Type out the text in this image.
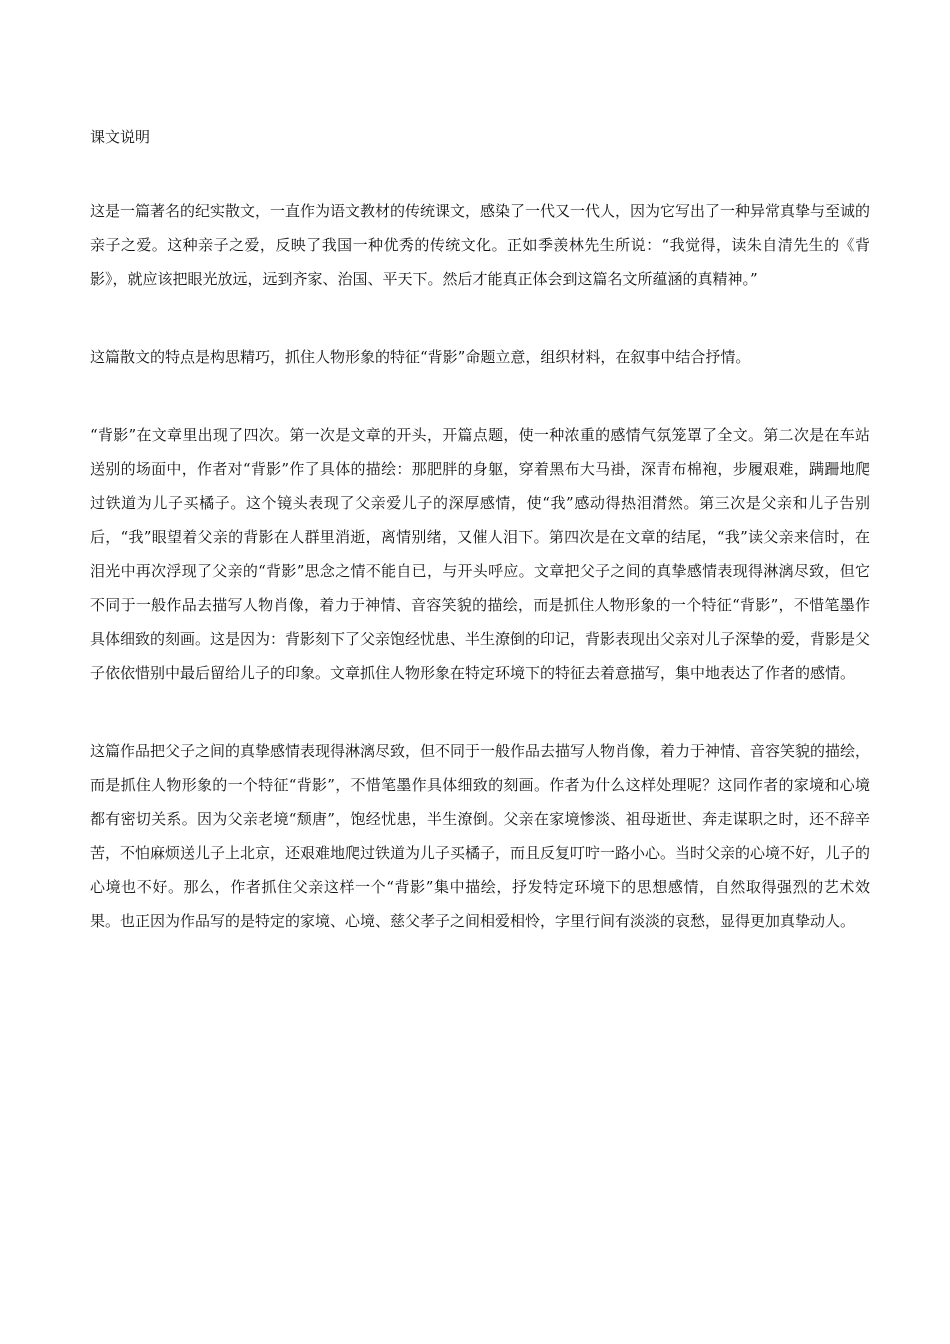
课文说明

这是一篇著名的纪实散文，一直作为语文教材的传统课文，感染了一代又一代人，因为它写出了一种异常真挚与至诚的亲子之爱。这种亲子之爱，反映了我国一种优秀的传统文化。正如季羡林先生所说：“我觉得，读朱自清先生的《背影》，就应该把眼光放远，远到齐家、治国、平天下。然后才能真正体会到这篇名文所蕴涵的真精神。”

这篇散文的特点是构思精巧，抓住人物形象的特征“背影”命题立意，组织材料，在叙事中结合抒情。

“背影”在文章里出现了四次。第一次是文章的开头，开篇点题，使一种浓重的感情气氛笼罩了全文。第二次是在车站送别的场面中，作者对“背影”作了具体的描绘：那肥胖的身躯，穿着黑布大马褂，深青布棉袍，步履艰难，蹒跚地爬过铁道为儿子买橘子。这个镜头表现了父亲爱儿子的深厚感情，使“我”感动得热泪潸然。第三次是父亲和儿子告别后，“我”眼望着父亲的背影在人群里消逝，离情别绪，又催人泪下。第四次是在文章的结尾，“我”读父亲来信时，在泪光中再次浮现了父亲的“背影”思念之情不能自已，与开头呼应。文章把父子之间的真挚感情表现得淋漓尽致，但它不同于一般作品去描写人物肖像，着力于神情、音容笑貌的描绘，而是抓住人物形象的一个特征“背影”，不惜笔墨作具体细致的刻画。这是因为：背影刻下了父亲饱经忧患、半生潦倒的印记，背影表现出父亲对儿子深挚的爱，背影是父子依依惜别中最后留给儿子的印象。文章抓住人物形象在特定环境下的特征去着意描写，集中地表达了作者的感情。

这篇作品把父子之间的真挚感情表现得淋漓尽致，但不同于一般作品去描写人物肖像，着力于神情、音容笑貌的描绘，而是抓住人物形象的一个特征“背影”，不惜笔墨作具体细致的刻画。作者为什么这样处理呢？这同作者的家境和心境都有密切关系。因为父亲老境“颓唐”，饱经忧患，半生潦倒。父亲在家境惨淡、祖母逝世、奔走谋职之时，还不辞辛苦，不怕麻烦送儿子上北京，还艰难地爬过铁道为儿子买橘子，而且反复叮咛一路小心。当时父亲的心境不好，儿子的心境也不好。那么，作者抓住父亲这样一个“背影”集中描绘，抒发特定环境下的思想感情，自然取得强烈的艺术效果。也正因为作品写的是特定的家境、心境、慈父孝子之间相爱相怜，字里行间有淡淡的哀愁，显得更加真挚动人。
